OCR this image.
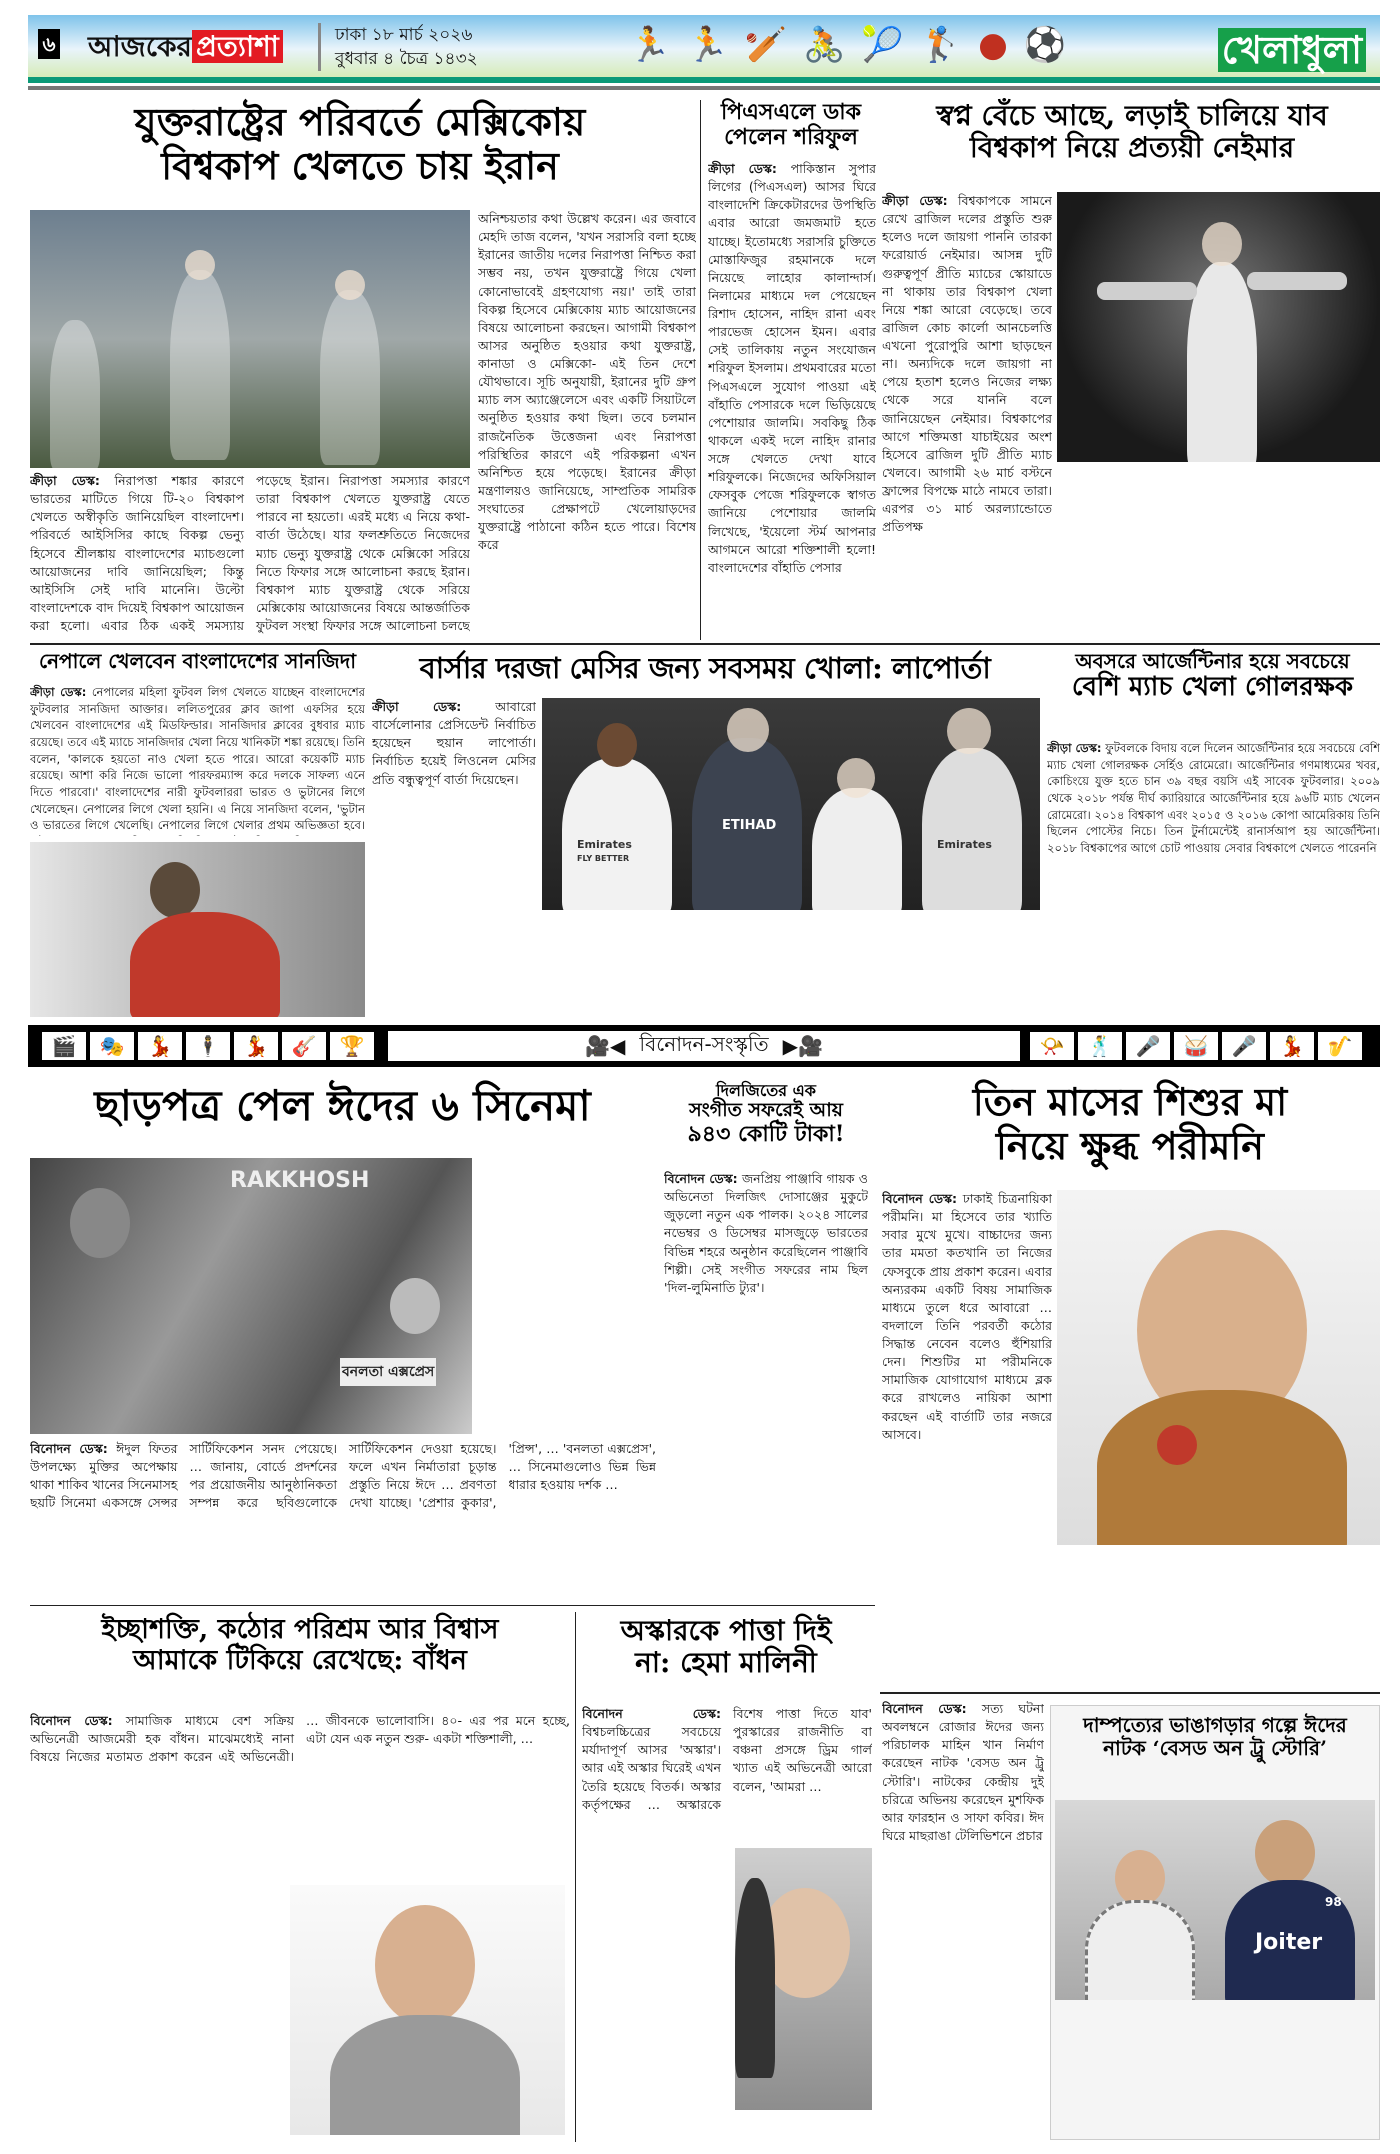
৬ আজকের প্রত্যাশা	ঢাকা ১৮ মার্চ ২০২৬
বুধবার ৪ চৈত্র ১৪৩২	🏃 🏃 🏏 🚴 🎾 🏌 ● ⚽	খেলাধুলা
যুক্তরাষ্ট্রের পরিবর্তে মেক্সিকোয়
বিশ্বকাপ খেলতে চায় ইরান
অনিশ্চয়তার কথা উল্লেখ করেন। এর জবাবে মেহদি তাজ বলেন, 'যখন সরাসরি বলা হচ্ছে ইরানের জাতীয় দলের নিরাপত্তা নিশ্চিত করা সম্ভব নয়, তখন যুক্তরাষ্ট্রে গিয়ে খেলা কোনোভাবেই গ্রহণযোগ্য নয়।' তাই তারা বিকল্প হিসেবে মেক্সিকোয় ম্যাচ আয়োজনের বিষয়ে আলোচনা করছেন। আগামী বিশ্বকাপ আসর অনুষ্ঠিত হওয়ার কথা যুক্তরাষ্ট্র, কানাডা ও মেক্সিকো- এই তিন দেশে যৌথভাবে। সূচি অনুযায়ী, ইরানের দুটি গ্রুপ ম্যাচ লস অ্যাঞ্জেলেসে এবং একটি সিয়াটলে অনুষ্ঠিত হওয়ার কথা ছিল। তবে চলমান রাজনৈতিক উত্তেজনা এবং নিরাপত্তা পরিস্থিতির কারণে এই পরিকল্পনা এখন অনিশ্চিত হয়ে পড়েছে। ইরানের ক্রীড়া মন্ত্রণালয়ও জানিয়েছে, সাম্প্রতিক সামরিক সংঘাতের প্রেক্ষাপটে খেলোয়াড়দের যুক্তরাষ্ট্রে পাঠানো কঠিন হতে পারে। বিশেষ করে
ক্রীড়া ডেস্ক: নিরাপত্তা শঙ্কার কারণে ভারতের মাটিতে গিয়ে টি-২০ বিশ্বকাপ খেলতে অস্বীকৃতি জানিয়েছিল বাংলাদেশ। পরিবর্তে আইসিসির কাছে বিকল্প ভেন্যু হিসেবে শ্রীলঙ্কায় বাংলাদেশের ম্যাচগুলো আয়োজনের দাবি জানিয়েছিল; কিন্তু আইসিসি সেই দাবি মানেনি। উল্টো বাংলাদেশকে বাদ দিয়েই বিশ্বকাপ আয়োজন করা হলো। এবার ঠিক একই সমস্যায় পড়েছে ইরান। নিরাপত্তা সমস্যার কারণে তারা বিশ্বকাপ খেলতে যুক্তরাষ্ট্র যেতে পারবে না হয়তো। এরই মধ্যে এ নিয়ে কথা-বার্তা উঠেছে। যার ফলশ্রুতিতে নিজেদের ম্যাচ ভেন্যু যুক্তরাষ্ট্র থেকে মেক্সিকো সরিয়ে নিতে ফিফার সঙ্গে আলোচনা করছে ইরান। বিশ্বকাপ ম্যাচ যুক্তরাষ্ট্র থেকে সরিয়ে মেক্সিকোয় আয়োজনের বিষয়ে আন্তর্জাতিক ফুটবল সংস্থা ফিফার সঙ্গে আলোচনা চলছে
পিএসএলে ডাক
পেলেন শরিফুল
ক্রীড়া ডেস্ক: পাকিস্তান সুপার লিগের (পিএসএল) আসর ঘিরে বাংলাদেশি ক্রিকেটারদের উপস্থিতি এবার আরো জমজমাট হতে যাচ্ছে। ইতোমধ্যে সরাসরি চুক্তিতে মোস্তাফিজুর রহমানকে দলে নিয়েছে লাহোর কালান্দার্স। নিলামের মাধ্যমে দল পেয়েছেন রিশাদ হোসেন, নাহিদ রানা এবং পারভেজ হোসেন ইমন। এবার সেই তালিকায় নতুন সংযোজন শরিফুল ইসলাম। প্রথমবারের মতো পিএসএলে সুযোগ পাওয়া এই বাঁহাতি পেসারকে দলে ভিড়িয়েছে পেশোয়ার জালমি। সবকিছু ঠিক থাকলে একই দলে নাহিদ রানার সঙ্গে খেলতে দেখা যাবে শরিফুলকে। নিজেদের অফিসিয়াল ফেসবুক পেজে শরিফুলকে স্বাগত জানিয়ে পেশোয়ার জালমি লিখেছে, 'ইয়েলো স্টর্ম আপনার আগমনে আরো শক্তিশালী হলো! বাংলাদেশের বাঁহাতি পেসার
স্বপ্ন বেঁচে আছে, লড়াই চালিয়ে যাব
বিশ্বকাপ নিয়ে প্রত্যয়ী নেইমার
ক্রীড়া ডেস্ক: বিশ্বকাপকে সামনে রেখে ব্রাজিল দলের প্রস্তুতি শুরু হলেও দলে জায়গা পাননি তারকা ফরোয়ার্ড নেইমার। আসন্ন দুটি গুরুত্বপূর্ণ প্রীতি ম্যাচের স্কোয়াডে না থাকায় তার বিশ্বকাপ খেলা নিয়ে শঙ্কা আরো বেড়েছে। তবে ব্রাজিল কোচ কার্লো আনচেলত্তি এখনো পুরোপুরি আশা ছাড়ছেন না। অন্যদিকে দলে জায়গা না পেয়ে হতাশ হলেও নিজের লক্ষ্য থেকে সরে যাননি বলে জানিয়েছেন নেইমার। বিশ্বকাপের আগে শক্তিমত্তা যাচাইয়ের অংশ হিসেবে ব্রাজিল দুটি প্রীতি ম্যাচ খেলবে। আগামী ২৬ মার্চ বস্টনে ফ্রান্সের বিপক্ষে মাঠে নামবে তারা। এরপর ৩১ মার্চ অরল্যান্ডোতে প্রতিপক্ষ
নেপালে খেলবেন বাংলাদেশের সানজিদা
ক্রীড়া ডেস্ক: নেপালের মহিলা ফুটবল লিগ খেলতে যাচ্ছেন বাংলাদেশের ফুটবলার সানজিদা আক্তার। ললিতপুরের ক্লাব জাপা এফসির হয়ে খেলবেন বাংলাদেশের এই মিডফিল্ডার। সানজিদার ক্লাবের বুধবার ম্যাচ রয়েছে। তবে এই ম্যাচে সানজিদার খেলা নিয়ে খানিকটা শঙ্কা রয়েছে। তিনি বলেন, 'কালকে হয়তো নাও খেলা হতে পারে। আরো কয়েকটি ম্যাচ রয়েছে। আশা করি নিজে ভালো পারফরম্যান্স করে দলকে সাফল্য এনে দিতে পারবো।' বাংলাদেশের নারী ফুটবলাররা ভারত ও ভুটানের লিগে খেলেছেন। নেপালের লিগে খেলা হয়নি। এ নিয়ে সানজিদা বলেন, 'ভুটান ও ভারতের লিগে খেলেছি। নেপালের লিগে খেলার প্রথম অভিজ্ঞতা হবে।
বার্সার দরজা মেসির জন্য সবসময় খোলা: লাপোর্তা
ক্রীড়া ডেস্ক:	আবারো বার্সেলোনার প্রেসিডেন্ট নির্বাচিত হয়েছেন হুয়ান লাপোর্তা। নির্বাচিত হয়েই লিওনেল মেসির প্রতি বন্ধুত্বপূর্ণ বার্তা দিয়েছেন।
Emirates
FLY BETTER
ETIHAD
Emirates
অবসরে আর্জেন্টিনার হয়ে সবচেয়ে
বেশি ম্যাচ খেলা গোলরক্ষক
ক্রীড়া ডেস্ক: ফুটবলকে বিদায় বলে দিলেন আর্জেন্টিনার হয়ে সবচেয়ে বেশি ম্যাচ খেলা গোলরক্ষক সের্হিও রোমেরো। আর্জেন্টিনার গণমাধ্যমের খবর, কোচিংয়ে যুক্ত হতে চান ৩৯ বছর বয়সি এই সাবেক ফুটবলার। ২০০৯ থেকে ২০১৮ পর্যন্ত দীর্ঘ ক্যারিয়ারে আর্জেন্টিনার হয়ে ৯৬টি ম্যাচ খেলেন রোমেরো। ২০১৪ বিশ্বকাপ এবং ২০১৫ ও ২০১৬ কোপা আমেরিকায় তিনি ছিলেন পোস্টের নিচে। তিন টুর্নামেন্টেই রানার্সআপ হয় আর্জেন্টিনা। ২০১৮ বিশ্বকাপের আগে চোট পাওয়ায় সেবার বিশ্বকাপে খেলতে পারেননি
🎬	🎭	💃	🕴	💃	🎸	🏆	🎥◀ বিনোদন-সংস্কৃতি ▶🎥	📯	🕺	🎤	🥁	🎤	💃	🎷
ছাড়পত্র পেল ঈদের ৬ সিনেমা
RAKKHOSH
বনলতা এক্সপ্রেস
বিনোদন ডেস্ক: ঈদুল ফিতর উপলক্ষ্যে মুক্তির অপেক্ষায় থাকা শাকিব খানের সিনেমাসহ ছয়টি সিনেমা একসঙ্গে সেন্সর সার্টিফিকেশন সনদ পেয়েছে। … জানায়, বোর্ডে প্রদর্শনের পর প্রয়োজনীয় আনুষ্ঠানিকতা সম্পন্ন করে ছবিগুলোকে সার্টিফিকেশন দেওয়া হয়েছে। ফলে এখন নির্মাতারা চূড়ান্ত প্রস্তুতি নিয়ে ঈদে … প্রবণতা দেখা যাচ্ছে। 'প্রেশার কুকার', 'প্রিন্স', … 'বনলতা এক্সপ্রেস', … সিনেমাগুলোও ভিন্ন ভিন্ন ধারার হওয়ায় দর্শক …
দিলজিতের এক
সংগীত সফরেই আয়
৯৪৩ কোটি টাকা!
বিনোদন ডেস্ক: জনপ্রিয় পাঞ্জাবি গায়ক ও অভিনেতা দিলজিৎ দোসাঞ্জের মুকুটে জুড়লো নতুন এক পালক। ২০২৪ সালের নভেম্বর ও ডিসেম্বর মাসজুড়ে ভারতের বিভিন্ন শহরে অনুষ্ঠান করেছিলেন পাঞ্জাবি শিল্পী। সেই সংগীত সফরের নাম ছিল 'দিল-লুমিনাতি ট্যুর'।
তিন মাসের শিশুর মা
নিয়ে ক্ষুব্ধ পরীমনি
বিনোদন ডেস্ক: ঢাকাই চিত্রনায়িকা পরীমনি। মা হিসেবে তার খ্যাতি সবার মুখে মুখে। বাচ্চাদের জন্য তার মমতা কতখানি তা নিজের ফেসবুকে প্রায় প্রকাশ করেন। এবার অন্যরকম একটি বিষয় সামাজিক মাধ্যমে তুলে ধরে আবারো … বদলালে তিনি পরবর্তী কঠোর সিদ্ধান্ত নেবেন বলেও হুঁশিয়ারি দেন। শিশুটির মা পরীমনিকে সামাজিক যোগাযোগ মাধ্যমে ব্লক করে রাখলেও নায়িকা আশা করছেন এই বার্তাটি তার নজরে আসবে।
ইচ্ছাশক্তি, কঠোর পরিশ্রম আর বিশ্বাস
আমাকে টিকিয়ে রেখেছে: বাঁধন
বিনোদন ডেস্ক: সামাজিক মাধ্যমে বেশ সক্রিয় অভিনেত্রী আজমেরী হক বাঁধন। মাঝেমধ্যেই নানা বিষয়ে নিজের মতামত প্রকাশ করেন এই অভিনেত্রী। … জীবনকে ভালোবাসি। ৪০- এর পর মনে হচ্ছে, এটা যেন এক নতুন শুরু- একটা শক্তিশালী, …
অস্কারকে পাত্তা দিই
না: হেমা মালিনী
বিনোদন ডেস্ক: বিশ্বচলচ্চিত্রের সবচেয়ে মর্যাদাপূর্ণ আসর 'অস্কার'। আর এই অস্কার ঘিরেই এখন তৈরি হয়েছে বিতর্ক। অস্কার কর্তৃপক্ষের … অস্কারকে বিশেষ পাত্তা দিতে যাব' পুরস্কারের রাজনীতি বা বঞ্চনা প্রসঙ্গে ড্রিম গার্ল খ্যাত এই অভিনেত্রী আরো বলেন, 'আমরা …
বিনোদন ডেস্ক: সত্য ঘটনা অবলম্বনে রোজার ঈদের জন্য পরিচালক মাহিন খান নির্মাণ করেছেন নাটক 'বেসড অন ট্রু স্টোরি'। নাটকের কেন্দ্রীয় দুই চরিত্রে অভিনয় করেছেন মুশফিক আর ফারহান ও সাফা কবির। ঈদ ঘিরে মাছরাঙা টেলিভিশনে প্রচার
দাম্পত্যের ভাঙাগড়ার গল্পে ঈদের
নাটক ‘বেসড অন ট্রু স্টোরি’
Joiter
98
